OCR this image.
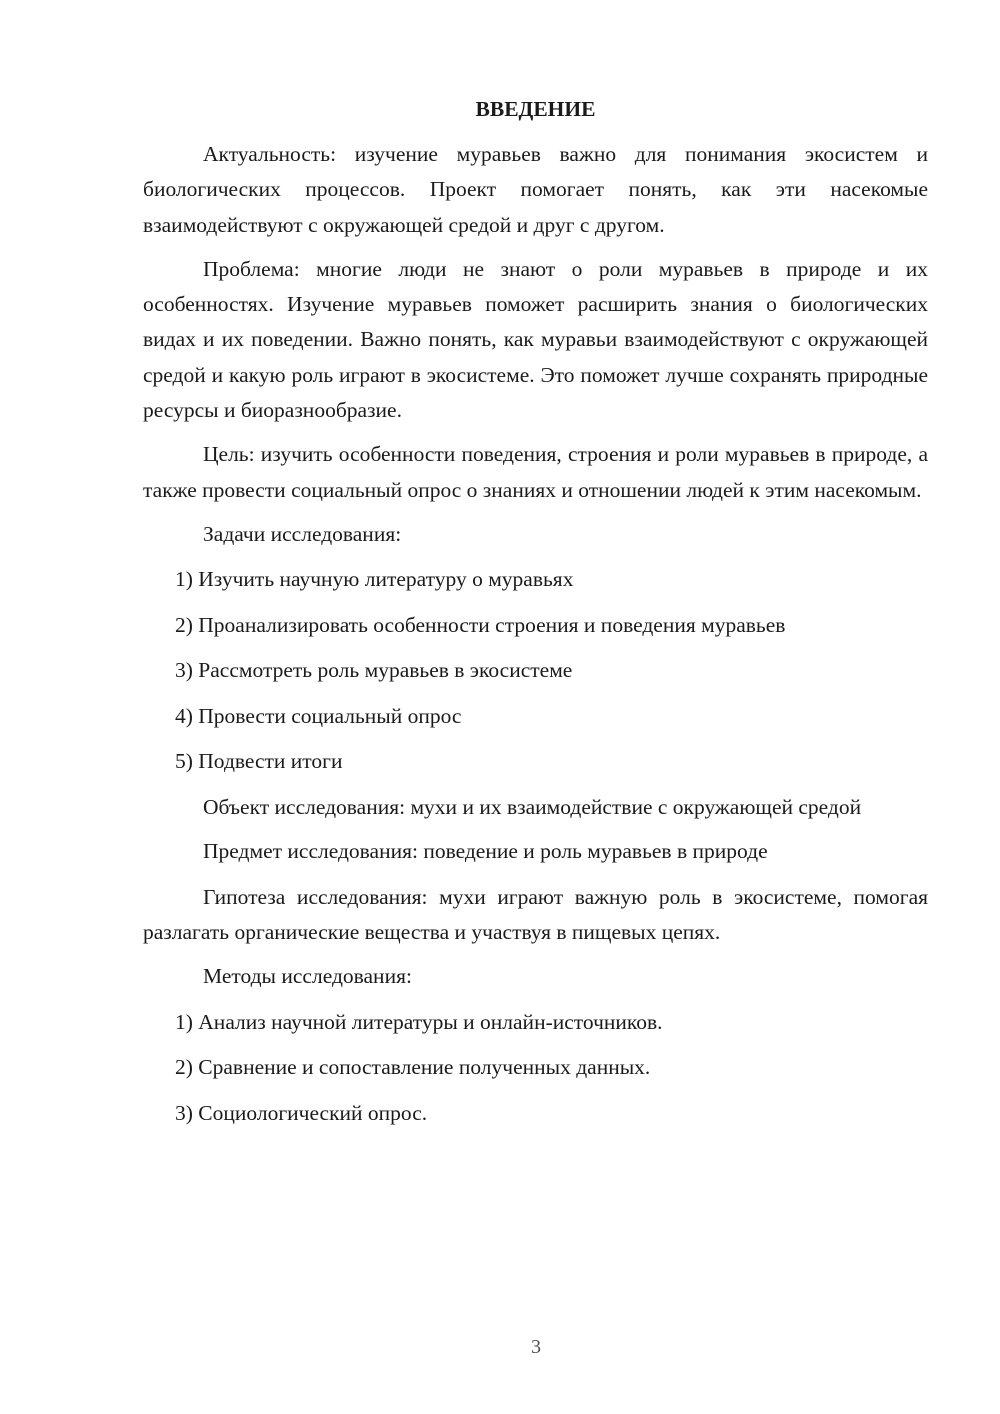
ВВЕДЕНИЕ

Актуальность: изучение муравьев важно для понимания экосистем и биологических процессов. Проект помогает понять, как эти насекомые взаимодействуют с окружающей средой и друг с другом.

Проблема: многие люди не знают о роли муравьев в природе и их особенностях. Изучение муравьев поможет расширить знания о биологических видах и их поведении. Важно понять, как муравьи взаимодействуют с окружающей средой и какую роль играют в экосистеме. Это поможет лучше сохранять природные ресурсы и биоразнообразие.

Цель: изучить особенности поведения, строения и роли муравьев в природе, а также провести социальный опрос о знаниях и отношении людей к этим насекомым.

Задачи исследования:
1) Изучить научную литературу о муравьях
2) Проанализировать особенности строения и поведения муравьев
3) Рассмотреть роль муравьев в экосистеме
4) Провести социальный опрос
5) Подвести итоги

Объект исследования: мухи и их взаимодействие с окружающей средой

Предмет исследования: поведение и роль муравьев в природе

Гипотеза исследования: мухи играют важную роль в экосистеме, помогая разлагать органические вещества и участвуя в пищевых цепях.

Методы исследования:
1) Анализ научной литературы и онлайн-источников.
2) Сравнение и сопоставление полученных данных.
3) Социологический опрос.
3
